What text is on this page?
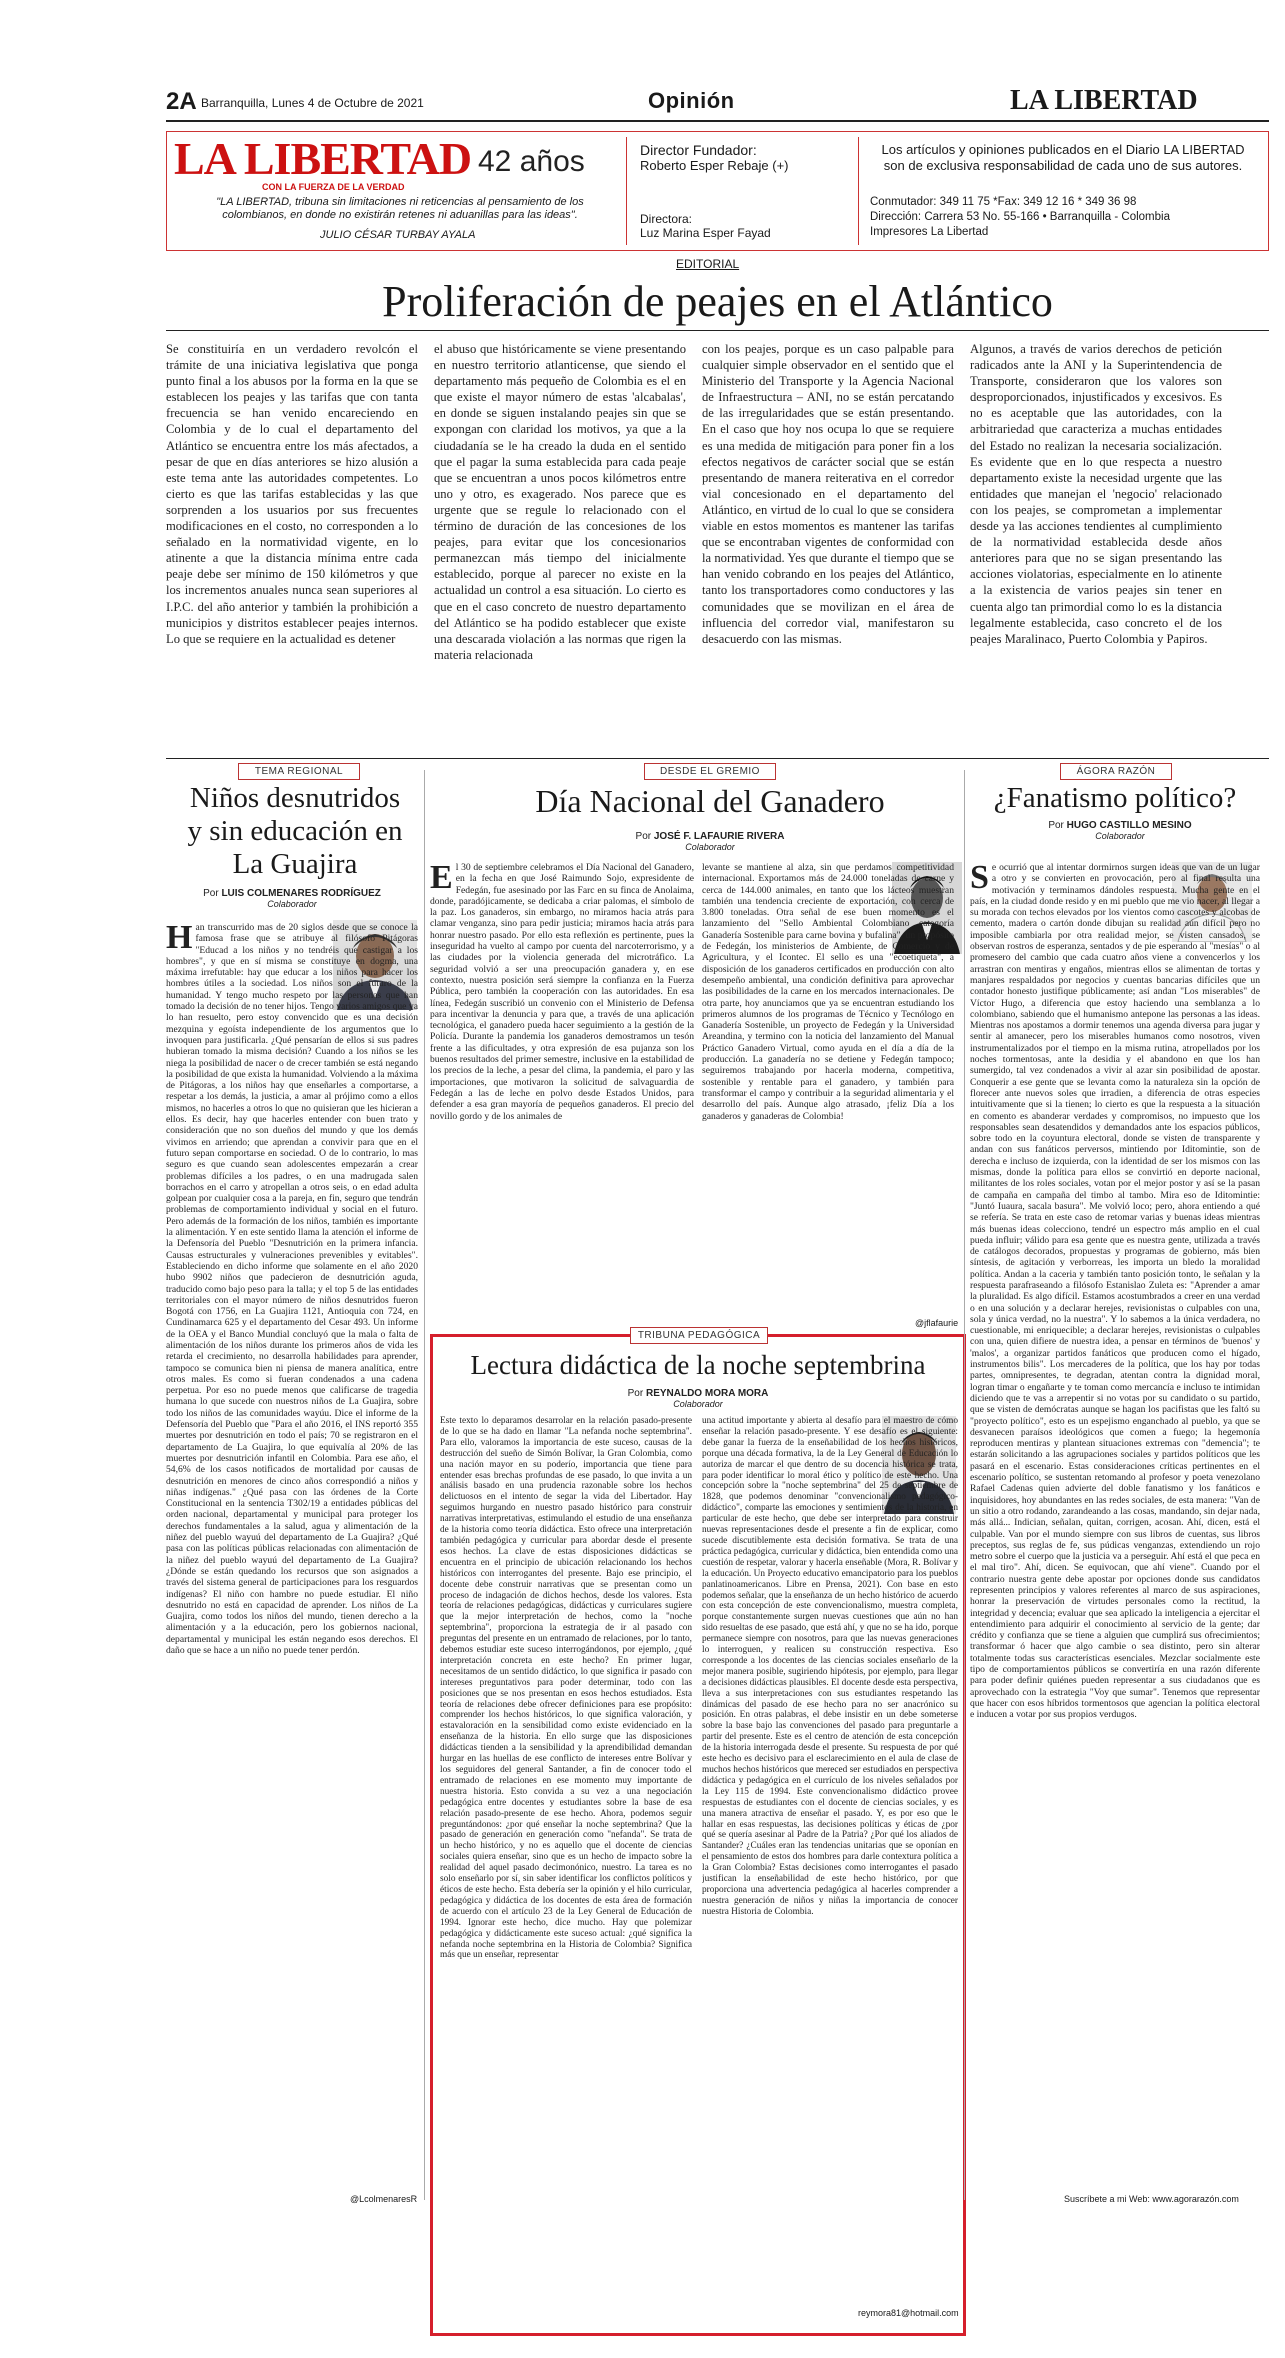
2A Barranquilla, Lunes 4 de Octubre de 2021	Opinión	LA LIBERTAD
LA LIBERTAD
CON LA FUERZA DE LA VERDAD
42 años
"LA LIBERTAD, tribuna sin limitaciones ni reticencias al pensamiento de los colombianos, en donde no existirán retenes ni aduanillas para las ideas".
JULIO CÉSAR TURBAY AYALA
Director Fundador:
Roberto Esper Rebaje (+)
Directora:
Luz Marina Esper Fayad
Los artículos y opiniones publicados en el Diario LA LIBERTAD son de exclusiva responsabilidad de cada uno de sus autores.
Conmutador: 349 11 75 *Fax: 349 12 16 * 349 36 98
Dirección: Carrera 53 No. 55-166 • Barranquilla - Colombia
Impresores La Libertad
EDITORIAL
Proliferación de peajes en el Atlántico
Se constituiría en un verdadero revolcón el trámite de una iniciativa legislativa que ponga punto final a los abusos por la forma en la que se establecen los peajes y las tarifas que con tanta frecuencia se han venido encareciendo en Colombia y de lo cual el departamento del Atlántico se encuentra entre los más afectados, a pesar de que en días anteriores se hizo alusión a este tema ante las autoridades competentes. Lo cierto es que las tarifas establecidas y las que sorprenden a los usuarios por sus frecuentes modificaciones en el costo, no corresponden a lo señalado en la normatividad vigente, en lo atinente a que la distancia mínima entre cada peaje debe ser mínimo de 150 kilómetros y que los incrementos anuales nunca sean superiores al I.P.C. del año anterior y también la prohibición a municipios y distritos establecer peajes internos. Lo que se requiere en la actualidad es detener
el abuso que históricamente se viene presentando en nuestro territorio atlanticense, que siendo el departamento más pequeño de Colombia es el en que existe el mayor número de estas 'alcabalas', en donde se siguen instalando peajes sin que se expongan con claridad los motivos, ya que a la ciudadanía se le ha creado la duda en el sentido que el pagar la suma establecida para cada peaje que se encuentran a unos pocos kilómetros entre uno y otro, es exagerado. Nos parece que es urgente que se regule lo relacionado con el término de duración de las concesiones de los peajes, para evitar que los concesionarios permanezcan más tiempo del inicialmente establecido, porque al parecer no existe en la actualidad un control a esa situación. Lo cierto es que en el caso concreto de nuestro departamento del Atlántico se ha podido establecer que existe una descarada violación a las normas que rigen la materia relacionada
con los peajes, porque es un caso palpable para cualquier simple observador en el sentido que el Ministerio del Transporte y la Agencia Nacional de Infraestructura – ANI, no se están percatando de las irregularidades que se están presentando. En el caso que hoy nos ocupa lo que se requiere es una medida de mitigación para poner fin a los efectos negativos de carácter social que se están presentando de manera reiterativa en el corredor vial concesionado en el departamento del Atlántico, en virtud de lo cual lo que se considera viable en estos momentos es mantener las tarifas que se encontraban vigentes de conformidad con la normatividad. Yes que durante el tiempo que se han venido cobrando en los peajes del Atlántico, tanto los transportadores como conductores y las comunidades que se movilizan en el área de influencia del corredor vial, manifestaron su desacuerdo con las mismas.
Algunos, a través de varios derechos de petición radicados ante la ANI y la Superintendencia de Transporte, consideraron que los valores son desproporcionados, injustificados y excesivos. Es no es aceptable que las autoridades, con la arbitrariedad que caracteriza a muchas entidades del Estado no realizan la necesaria socialización. Es evidente que en lo que respecta a nuestro departamento existe la necesidad urgente que las entidades que manejan el 'negocio' relacionado con los peajes, se comprometan a implementar desde ya las acciones tendientes al cumplimiento de la normatividad establecida desde años anteriores para que no se sigan presentando las acciones violatorias, especialmente en lo atinente a la existencia de varios peajes sin tener en cuenta algo tan primordial como lo es la distancia legalmente establecida, caso concreto el de los peajes Maralinaco, Puerto Colombia y Papiros.
TEMA REGIONAL
Niños desnutridos y sin educación en La Guajira
Por LUIS COLMENARES RODRÍGUEZ
Colaborador
Han transcurrido mas de 20 siglos desde que se conoce la famosa frase que se atribuye al filósofo Pitágoras "Educad a los niños y no tendréis que castigar a los hombres", y que en sí misma se constituye en dogma, una máxima irrefutable: hay que educar a los niños para hacer los hombres útiles a la sociedad. Los niños son el futuro de la humanidad. Y tengo mucho respeto por las personas que han tomado la decisión de no tener hijos. Tengo varios amigos que ya lo han resuelto, pero estoy convencido que es una decisión mezquina y egoísta independiente de los argumentos que lo invoquen para justificarla. ¿Qué pensarían de ellos si sus padres hubieran tomado la misma decisión? Cuando a los niños se les niega la posibilidad de nacer o de crecer también se está negando la posibilidad de que exista la humanidad. Volviendo a la máxima de Pitágoras, a los niños hay que enseñarles a comportarse, a respetar a los demás, la justicia, a amar al prójimo como a ellos mismos, no hacerles a otros lo que no quisieran que les hicieran a ellos. Es decir, hay que hacerles entender con buen trato y consideración que no son dueños del mundo y que los demás vivimos en arriendo; que aprendan a convivir para que en el futuro sepan comportarse en sociedad. O de lo contrario, lo mas seguro es que cuando sean adolescentes empezarán a crear problemas difíciles a los padres, o en una madrugada salen borrachos en el carro y atropellan a otros seis, o en edad adulta golpean por cualquier cosa a la pareja, en fin, seguro que tendrán problemas de comportamiento individual y social en el futuro. Pero además de la formación de los niños, también es importante la alimentación. Y en este sentido llama la atención el informe de la Defensoría del Pueblo "Desnutrición en la primera infancia. Causas estructurales y vulneraciones prevenibles y evitables". Estableciendo en dicho informe que solamente en el año 2020 hubo 9902 niños que padecieron de desnutrición aguda, traducido como bajo peso para la talla; y el top 5 de las entidades territoriales con el mayor número de niños desnutridos fueron Bogotá con 1756, en La Guajira 1121, Antioquia con 724, en Cundinamarca 625 y el departamento del Cesar 493. Un informe de la OEA y el Banco Mundial concluyó que la mala o falta de alimentación de los niños durante los primeros años de vida les retarda el crecimiento, no desarrolla habilidades para aprender, tampoco se comunica bien ni piensa de manera analítica, entre otros males. Es como si fueran condenados a una cadena perpetua. Por eso no puede menos que calificarse de tragedia humana lo que sucede con nuestros niños de La Guajira, sobre todo los niños de las comunidades wayúu. Dice el informe de la Defensoría del Pueblo que "Para el año 2016, el INS reportó 355 muertes por desnutrición en todo el país; 70 se registraron en el departamento de La Guajira, lo que equivalía al 20% de las muertes por desnutrición infantil en Colombia. Para ese año, el 54,6% de los casos notificados de mortalidad por causas de desnutrición en menores de cinco años correspondió a niños y niñas indígenas." ¿Qué pasa con las órdenes de la Corte Constitucional en la sentencia T302/19 a entidades públicas del orden nacional, departamental y municipal para proteger los derechos fundamentales a la salud, agua y alimentación de la niñez del pueblo wayuú del departamento de La Guajira? ¿Qué pasa con las políticas públicas relacionadas con alimentación de la niñez del pueblo wayuú del departamento de La Guajira? ¿Dónde se están quedando los recursos que son asignados a través del sistema general de participaciones para los resguardos indígenas? El niño con hambre no puede estudiar. El niño desnutrido no está en capacidad de aprender. Los niños de La Guajira, como todos los niños del mundo, tienen derecho a la alimentación y a la educación, pero los gobiernos nacional, departamental y municipal les están negando esos derechos. El daño que se hace a un niño no puede tener perdón.
@LcolmenaresR
DESDE EL GREMIO
Día Nacional del Ganadero
Por JOSÉ F. LAFAURIE RIVERA
Colaborador
El 30 de septiembre celebramos el Día Nacional del Ganadero, en la fecha en que José Raimundo Sojo, expresidente de Fedegán, fue asesinado por las Farc en su finca de Anolaima, donde, paradójicamente, se dedicaba a criar palomas, el símbolo de la paz. Los ganaderos, sin embargo, no miramos hacia atrás para clamar venganza, sino para pedir justicia; miramos hacia atrás para honrar nuestro pasado. Por ello esta reflexión es pertinente, pues la inseguridad ha vuelto al campo por cuenta del narcoterrorismo, y a las ciudades por la violencia generada del microtráfico. La seguridad volvió a ser una preocupación ganadera y, en ese contexto, nuestra posición será siempre la confianza en la Fuerza Pública, pero también la cooperación con las autoridades. En esa línea, Fedegán suscribió un convenio con el Ministerio de Defensa para incentivar la denuncia y para que, a través de una aplicación tecnológica, el ganadero pueda hacer seguimiento a la gestión de la Policía. Durante la pandemia los ganaderos demostramos un tesón frente a las dificultades, y otra expresión de esa pujanza son los buenos resultados del primer semestre, inclusive en la estabilidad de los precios de la leche, a pesar del clima, la pandemia, el paro y las importaciones, que motivaron la solicitud de salvaguardia de Fedegán a las de leche en polvo desde Estados Unidos, para defender a esa gran mayoría de pequeños ganaderos. El precio del novillo gordo y de los animales de
levante se mantiene al alza, sin que perdamos competitividad internacional. Exportamos más de 24.000 toneladas de carne y cerca de 144.000 animales, en tanto que los lácteos muestran también una tendencia creciente de exportación, con cerca de 3.800 toneladas. Otra señal de ese buen momento es el lanzamiento del "Sello Ambiental Colombiano categoría Ganadería Sostenible para carne bovina y bufalina", un propósito de Fedegán, los ministerios de Ambiente, de Comercio y de Agricultura, y el Icontec. El sello es una "ecoetiqueta", a disposición de los ganaderos certificados en producción con alto desempeño ambiental, una condición definitiva para aprovechar las posibilidades de la carne en los mercados internacionales. De otra parte, hoy anunciamos que ya se encuentran estudiando los primeros alumnos de los programas de Técnico y Tecnólogo en Ganadería Sostenible, un proyecto de Fedegán y la Universidad Areandina, y termino con la noticia del lanzamiento del Manual Práctico Ganadero Virtual, como ayuda en el día a día de la producción. La ganadería no se detiene y Fedegán tampoco; seguiremos trabajando por hacerla moderna, competitiva, sostenible y rentable para el ganadero, y también para transformar el campo y contribuir a la seguridad alimentaria y el desarrollo del país. Aunque algo atrasado, ¡feliz Día a los ganaderos y ganaderas de Colombia!
@jflafaurie
TRIBUNA PEDAGÓGICA
Lectura didáctica de la noche septembrina
Por REYNALDO MORA MORA
Colaborador
Este texto lo deparamos desarrolar en la relación pasado-presente de lo que se ha dado en llamar "La nefanda noche septembrina". Para ello, valoramos la importancia de este suceso, causas de la destrucción del sueño de Simón Bolívar, la Gran Colombia, como una nación mayor en su poderío, importancia que tiene para entender esas brechas profundas de ese pasado, lo que invita a un análisis basado en una prudencia razonable sobre los hechos delictuosos en el intento de segar la vida del Libertador. Hay seguimos hurgando en nuestro pasado histórico para construir narrativas interpretativas, estimulando el estudio de una enseñanza de la historia como teoría didáctica. Esto ofrece una interpretación también pedagógica y curricular para abordar desde el presente esos hechos. La clave de estas disposiciones didácticas se encuentra en el principio de ubicación relacionando los hechos históricos con interrogantes del presente. Bajo ese principio, el docente debe construir narrativas que se presentan como un proceso de indagación de dichos hechos, desde los valores. Esta teoría de relaciones pedagógicas, didácticas y curriculares sugiere que la mejor interpretación de hechos, como la "noche septembrina", proporciona la estrategia de ir al pasado con preguntas del presente en un entramado de relaciones, por lo tanto, debemos estudiar este suceso interrogándonos, por ejemplo, ¿qué interpretación concreta en este hecho? En primer lugar, necesitamos de un sentido didáctico, lo que significa ir pasado con intereses preguntativos para poder determinar, todo con las posiciones que se nos presentan en esos hechos estudiados. Esta teoría de relaciones debe ofrecer definiciones para ese propósito: comprender los hechos históricos, lo que significa valoración, y estavaloración en la sensibilidad como existe evidenciado en la enseñanza de la historia. En ello surge que las disposiciones didácticas tienden a la sensibilidad y la aprendibilidad demandan hurgar en las huellas de ese conflicto de intereses entre Bolívar y los seguidores del general Santander, a fin de conocer todo el entramado de relaciones en ese momento muy importante de nuestra historia. Esto convida a su vez a una negociación pedagógica entre docentes y estudiantes sobre la base de esa relación pasado-presente de ese hecho. Ahora, podemos seguir preguntándonos: ¿por qué enseñar la noche septembrina? Que la pasado de generación en generación como "nefanda". Se trata de un hecho histórico, y no es aquello que el docente de ciencias sociales quiera enseñar, sino que es un hecho de impacto sobre la realidad del aquel pasado decimonónico, nuestro. La tarea es no solo enseñarlo por sí, sin saber identificar los conflictos políticos y éticos de este hecho. Esta debería ser la opinión y el hilo curricular, pedagógica y didáctica de los docentes de esta área de formación de acuerdo con el artículo 23 de la Ley General de Educación de 1994. Ignorar este hecho, dice mucho. Hay que polemizar pedagógica y didácticamente este suceso actual: ¿qué significa la nefanda noche septembrina en la Historia de Colombia? Significa más que un enseñar, representar
una actitud importante y abierta al desafío para el maestro de cómo enseñar la relación pasado-presente. Y ese desafío es el siguiente: debe ganar la fuerza de la enseñabilidad de los hechos históricos, porque una década formativa, la de la Ley General de Educación lo autoriza de marcar el que dentro de su docencia histórica se trata, para poder identificar lo moral ético y político de este hecho. Una concepción sobre la "noche septembrina" del 25 de septiembre de 1828, que podemos denominar "convencionalismo pedagógico-didáctico", comparte las emociones y sentimientos de la historia, en particular de este hecho, que debe ser interpretado para construir nuevas representaciones desde el presente a fin de explicar, como sucede discutiblemente esta decisión formativa. Se trata de una práctica pedagógica, curricular y didáctica, bien entendida como una cuestión de respetar, valorar y hacerla enseñable (Mora, R. Bolívar y la educación. Un Proyecto educativo emancipatorio para los pueblos panlatinoamericanos. Libre en Prensa, 2021). Con base en esto podemos señalar, que la enseñanza de un hecho histórico de acuerdo con esta concepción de este convencionalismo, muestra completa, porque constantemente surgen nuevas cuestiones que aún no han sido resueltas de ese pasado, que está ahí, y que no se ha ido, porque permanece siempre con nosotros, para que las nuevas generaciones lo interroguen, y realicen su construcción respectiva. Eso corresponde a los docentes de las ciencias sociales enseñarlo de la mejor manera posible, sugiriendo hipótesis, por ejemplo, para llegar a decisiones didácticas plausibles. El docente desde esta perspectiva, lleva a sus interpretaciones con sus estudiantes respetando las dinámicas del pasado de ese hecho para no ser anacrónico su posición. En otras palabras, el debe insistir en un debe someterse sobre la base bajo las convenciones del pasado para preguntarle a partir del presente. Este es el centro de atención de esta concepción de la historia interrogada desde el presente. Su respuesta de por qué este hecho es decisivo para el esclarecimiento en el aula de clase de muchos hechos históricos que mereced ser estudiados en perspectiva didáctica y pedagógica en el currículo de los niveles señalados por la Ley 115 de 1994. Este convencionalismo didáctico provee respuestas de estudiantes con el docente de ciencias sociales, y es una manera atractiva de enseñar el pasado. Y, es por eso que le hallar en esas respuestas, las decisiones políticas y éticas de ¿por qué se quería asesinar al Padre de la Patria? ¿Por qué los aliados de Santander? ¿Cuáles eran las tendencias unitarias que se oponían en el pensamiento de estos dos hombres para darle contextura política a la Gran Colombia? Estas decisiones como interrogantes el pasado justifican la enseñabilidad de este hecho histórico, por que proporciona una advertencia pedagógica al hacerles comprender a nuestra generación de niños y niñas la importancia de conocer nuestra Historia de Colombia.
reymora81@hotmail.com
ÁGORA RAZÓN
¿Fanatismo político?
Por HUGO CASTILLO MESINO
Colaborador
Se ocurrió que al intentar dormirnos surgen ideas que van de un lugar a otro y se convierten en provocación, pero al final resulta una motivación y terminamos dándoles respuesta. Mucha gente en el país, en la ciudad donde resido y en mi pueblo que me vio nacer, al llegar a su morada con techos elevados por los vientos como cascotes y alcobas de cemento, madera o cartón donde dibujan su realidad aún difícil pero no imposible cambiarla por otra realidad mejor, se visten cansados, se observan rostros de esperanza, sentados y de pie esperando al "mesías" o al promesero del cambio que cada cuatro años viene a convencerlos y los arrastran con mentiras y engaños, mientras ellos se alimentan de tortas y manjares respaldados por negocios y cuentas bancarias difíciles que un contador honesto justifique públicamente; así andan "Los miserables" de Víctor Hugo, a diferencia que estoy haciendo una semblanza a lo colombiano, sabiendo que el humanismo antepone las personas a las ideas. Mientras nos apostamos a dormir tenemos una agenda diversa para jugar y sentir al amanecer, pero los miserables humanos como nosotros, viven instrumentalizados por el tiempo en la misma rutina, atropellados por los noches tormentosas, ante la desidia y el abandono en que los han sumergido, tal vez condenados a vivir al azar sin posibilidad de apostar. Conquerir a ese gente que se levanta como la naturaleza sin la opción de florecer ante nuevos soles que irradien, a diferencia de otras especies intuitivamente que si la tienen; lo cierto es que la respuesta a la situación en comento es abanderar verdades y compromisos, no impuesto que los responsables sean desatendidos y demandados ante los espacios públicos, sobre todo en la coyuntura electoral, donde se visten de transparente y andan con sus fanáticos perversos, mintiendo por Iditomintie, son de derecha e incluso de izquierda, con la identidad de ser los mismos con las mismas, donde la política para ellos se convirtió en deporte nacional, militantes de los roles sociales, votan por el mejor postor y así se la pasan de campaña en campaña del timbo al tambo. Mira eso de Iditomintie: "Juntó Iuaura, sacala basura". Me volvió loco; pero, ahora entiendo a qué se refería. Se trata en este caso de retomar varias y buenas ideas mientras más buenas ideas colecciono, tendré un espectro más amplio en el cual pueda influir; válido para esa gente que es nuestra gente, utilizada a través de catálogos decorados, propuestas y programas de gobierno, más bien síntesis, de agitación y verborreas, les importa un bledo la moralidad política. Andan a la caceria y también tanto posición tonto, le señalan y la respuesta parafraseando a filósofo Estanislao Zuleta es: "Aprender a amar la pluralidad. Es algo difícil. Estamos acostumbrados a creer en una verdad o en una solución y a declarar herejes, revisionistas o culpables con una, sola y única verdad, no la nuestra". Y lo sabemos a la única verdadera, no cuestionable, mi enriquecible; a declarar herejes, revisionistas o culpables con una, quien difiere de nuestra idea, a pensar en términos de 'buenos' y 'malos', a organizar partidos fanáticos que producen como el hígado, instrumentos bilis". Los mercaderes de la política, que los hay por todas partes, omnipresentes, te degradan, atentan contra la dignidad moral, logran timar o engañarte y te toman como mercancía e incluso te intimidan diciendo que te vas a arrepentir si no votas por su candidato o su partido, que se visten de demócratas aunque se hagan los pacifistas que les faltó su "proyecto político", esto es un espejismo enganchado al pueblo, ya que se desvanecen paraísos ideológicos que comen a fuego; la hegemonía reproducen mentiras y plantean situaciones extremas con "demencia"; te estarán solicitando a las agrupaciones sociales y partidos políticos que les pasará en el escenario. Estas consideraciones críticas pertinentes en el escenario político, se sustentan retomando al profesor y poeta venezolano Rafael Cadenas quien advierte del doble fanatismo y los fanáticos e inquisidores, hoy abundantes en las redes sociales, de esta manera: "Van de un sitio a otro rodando, zarandeando a las cosas, mandando, sin dejar nada, más allá... Indician, señalan, quitan, corrigen, acosan. Ahí, dicen, está el culpable. Van por el mundo siempre con sus libros de cuentas, sus libros preceptos, sus reglas de fe, sus púdicas venganzas, extendiendo un rojo metro sobre el cuerpo que la justicia va a perseguir. Ahí está el que peca en el mal tiro". Ahí, dicen. Se equivocan, que ahí viene". Cuando por el contrario nuestra gente debe apostar por opciones donde sus candidatos representen principios y valores referentes al marco de sus aspiraciones, honrar la preservación de virtudes personales como la rectitud, la integridad y decencia; evaluar que sea aplicado la inteligencia a ejercitar el entendimiento para adquirir el conocimiento al servicio de la gente; dar crédito y confianza que se tiene a alguien que cumplirá sus ofrecimientos; transformar ó hacer que algo cambie o sea distinto, pero sin alterar totalmente todas sus características esenciales. Mezclar socialmente este tipo de comportamientos públicos se convertiría en una razón diferente para poder definir quiénes pueden representar a sus ciudadanos que es aprovechado con la estrategia "Voy que sumar". Tenemos que representar que hacer con esos híbridos tormentosos que agencian la política electoral e inducen a votar por sus propios verdugos.
Suscríbete a mi Web: www.agorarazón.com
